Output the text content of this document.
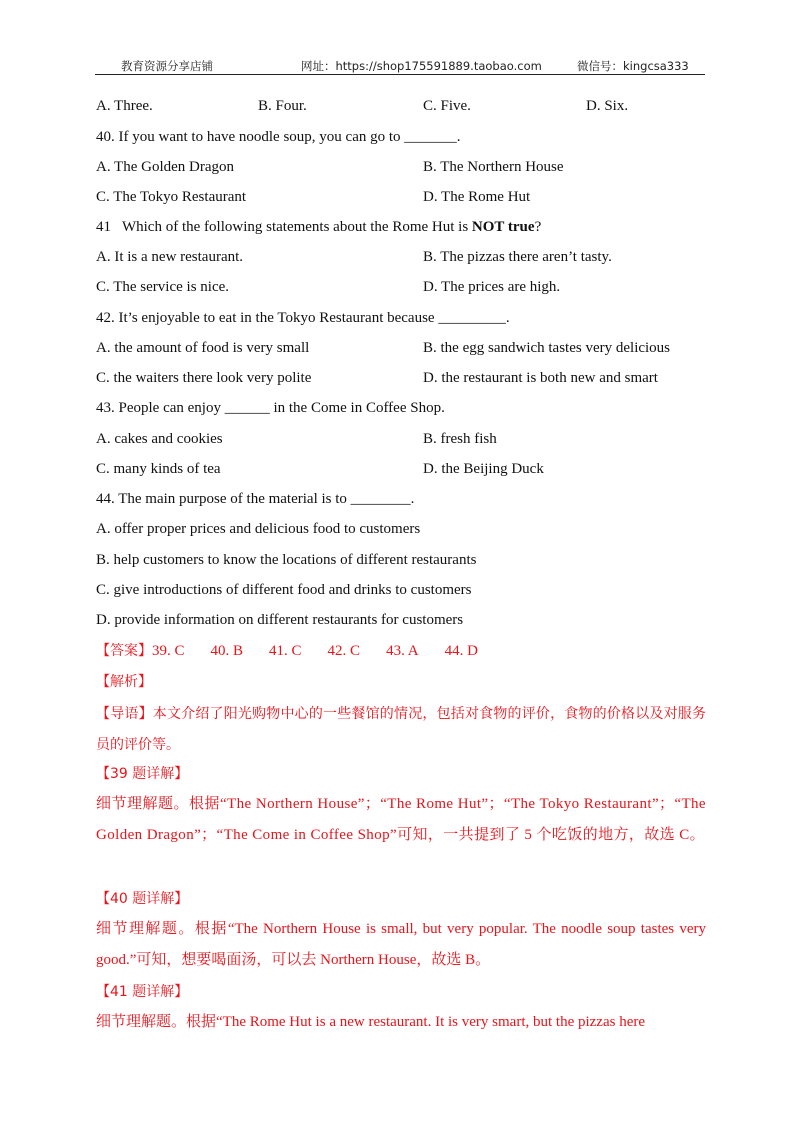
教育资源分享店铺	网址：https://shop175591889.taobao.com	微信号：kingcsa333
A. Three.	B. Four.	C. Five.	D. Six.
40. If you want to have noodle soup, you can go to _______.
A. The Golden Dragon	B. The Northern House
C. The Tokyo Restaurant	D. The Rome Hut
41   Which of the following statements about the Rome Hut is NOT true?
A. It is a new restaurant.	B. The pizzas there aren’t tasty.
C. The service is nice.	D. The prices are high.
42. It’s enjoyable to eat in the Tokyo Restaurant because _________.
A. the amount of food is very small	B. the egg sandwich tastes very delicious
C. the waiters there look very polite	D. the restaurant is both new and smart
43. People can enjoy ______ in the Come in Coffee Shop.
A. cakes and cookies	B. fresh fish
C. many kinds of tea	D. the Beijing Duck
44. The main purpose of the material is to ________.
A. offer proper prices and delicious food to customers
B. help customers to know the locations of different restaurants
C. give introductions of different food and drinks to customers
D. provide information on different restaurants for customers
【答案】39. C 40. B 41. C 42. C 43. A 44. D
【解析】
【导语】本文介绍了阳光购物中心的一些餐馆的情况，包括对食物的评价，食物的价格以及对服务员的评价等。
【39 题详解】
细节理解题。根据“The Northern House”；“The Rome Hut”；“The Tokyo Restaurant”；“The Golden Dragon”；“The Come in Coffee Shop”可知，一共提到了 5 个吃饭的地方，故选 C。
【40 题详解】
细节理解题。根据“The Northern House is small, but very popular. The noodle soup tastes very good.”可知，想要喝面汤，可以去 Northern House，故选 B。
【41 题详解】
细节理解题。根据“The Rome Hut is a new restaurant. It is very smart, but the pizzas here
